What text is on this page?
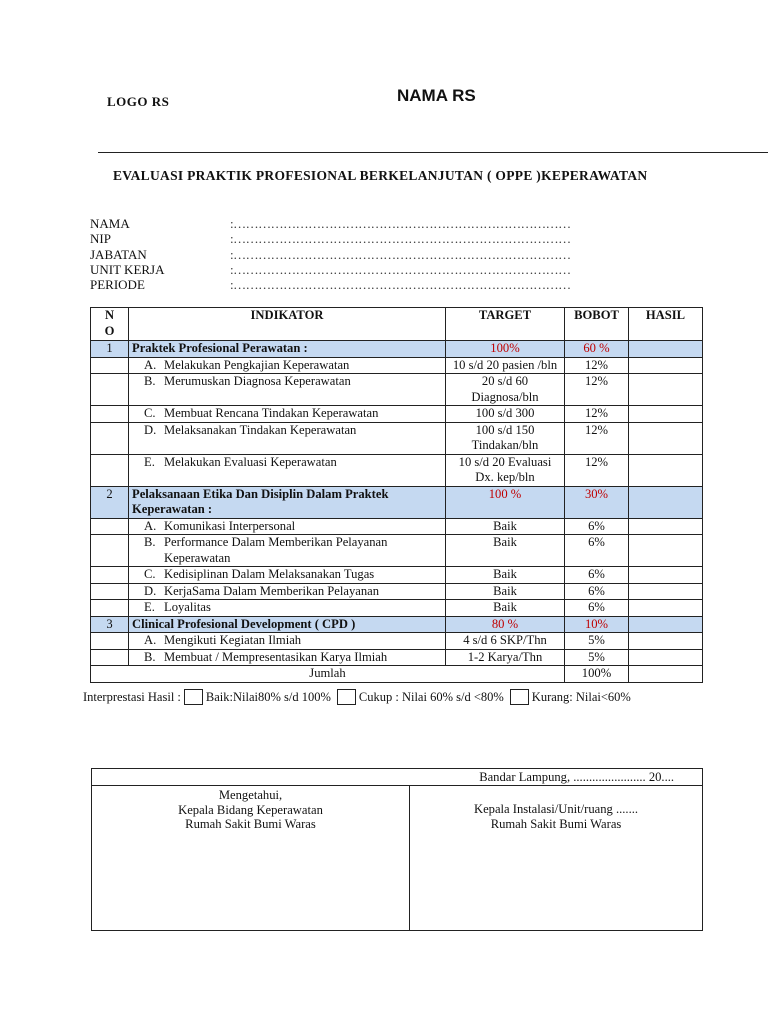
LOGO RS	NAMA RS
EVALUASI PRAKTIK PROFESIONAL BERKELANJUTAN ( OPPE )KEPERAWATAN
NAMA	:………………………………………………………………………
NIP	:………………………………………………………………………
JABATAN	:………………………………………………………………………
UNIT KERJA	:………………………………………………………………………
PERIODE	:………………………………………………………………………
N
O	INDIKATOR	TARGET	BOBOT	HASIL
1	Praktek Profesional Perawatan :	100%	60 %	
	A. Melakukan Pengkajian Keperawatan	10 s/d 20 pasien /bln	12%	
	B. Merumuskan Diagnosa Keperawatan	20 s/d 60 Diagnosa/bln	12%	
	C. Membuat Rencana Tindakan Keperawatan	100 s/d 300	12%	
	D. Melaksanakan Tindakan Keperawatan	100 s/d 150 Tindakan/bln	12%	
	E. Melakukan Evaluasi Keperawatan	10 s/d 20 Evaluasi Dx. kep/bln	12%	
2	Pelaksanaan Etika Dan Disiplin Dalam Praktek Keperawatan :	100 %	30%	
	A. Komunikasi Interpersonal	Baik	6%	

	B. Performance Dalam Memberikan Pelayanan Keperawatan	Baik	6%	
	C. Kedisiplinan Dalam Melaksanakan Tugas	Baik	6%	
	D. KerjaSama Dalam Memberikan Pelayanan	Baik	6%	
	E. Loyalitas	Baik	6%	
3	Clinical Profesional Development ( CPD )	80 %	10%	
	A. Mengikuti Kegiatan Ilmiah	4 s/d 6 SKP/Thn	5%	
	B. Membuat / Mempresentasikan Karya Ilmiah	1-2 Karya/Thn	5%	
Jumlah			100%	
Interprestasi Hasil : Baik:Nilai80% s/d 100% Cukup : Nilai 60% s/d <80% Kurang: Nilai<60%
Bandar Lampung, ....................... 20....

Mengetahui,
Kepala Bidang Keperawatan
Rumah Sakit Bumi Waras

Kepala Instalasi/Unit/ruang .......
Rumah Sakit Bumi Waras
